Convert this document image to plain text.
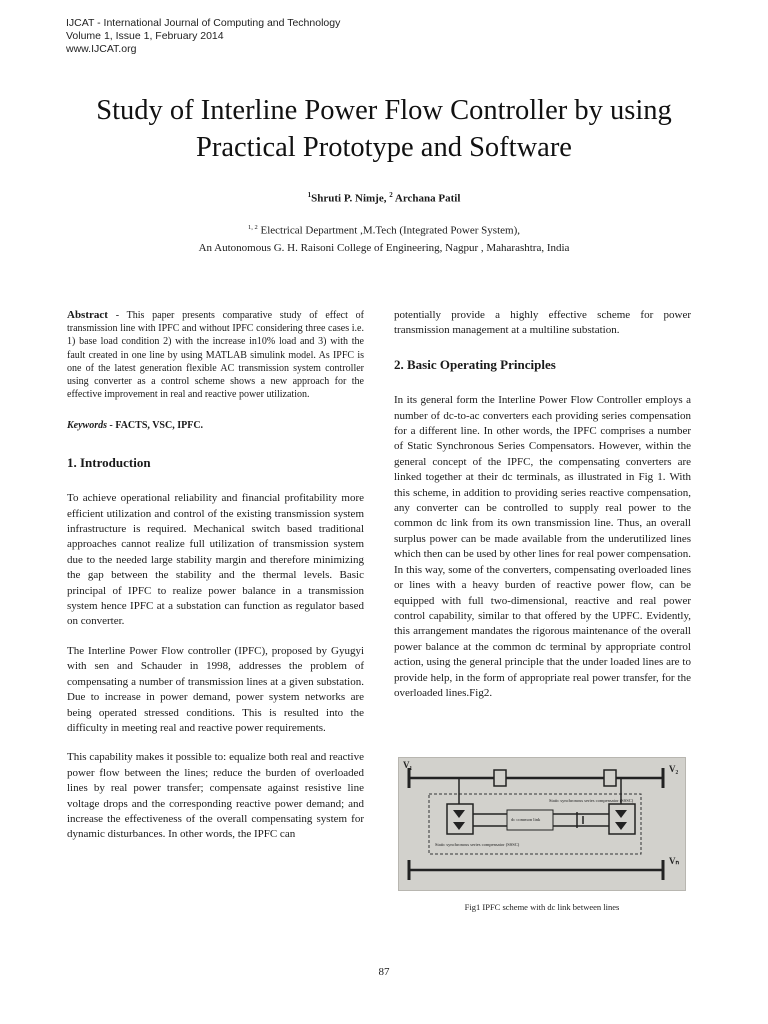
IJCAT - International Journal of Computing and Technology
Volume 1, Issue 1, February 2014
www.IJCAT.org
Study of Interline Power Flow Controller by using
Practical Prototype and Software
$^1$Shruti P. Nimje, $^2$ Archana Patil
$^{1, 2}$ Electrical Department ,M.Tech (Integrated Power System),
An Autonomous G. H. Raisoni College of Engineering, Nagpur , Maharashtra, India

Abstract - This paper presents comparative study of effect of transmission line with IPFC and without IPFC considering three cases i.e. 1) base load condition 2) with the increase in10% load and 3) with the fault created in one line by using MATLAB simulink model. As IPFC is one of the latest generation flexible AC transmission system controller using converter as a control scheme shows a new approach for the effective improvement in real and reactive power utilization.

Keywords - FACTS, VSC, IPFC.

1. Introduction

To achieve operational reliability and financial profitability more efficient utilization and control of the existing transmission system infrastructure is required. Mechanical switch based traditional approaches cannot realize full utilization of transmission system due to the needed large stability margin and therefore minimizing the gap between the stability and the thermal levels. Basic principal of IPFC to realize power balance in a transmission system hence IPFC at a substation can function as regulator based on converter.

The Interline Power Flow controller (IPFC), proposed by Gyugyi with sen and Schauder in 1998, addresses the problem of compensating a number of transmission lines at a given substation. Due to increase in power demand, power system networks are being operated stressed conditions. This is resulted into the difficulty in meeting real and reactive power requirements.

This capability makes it possible to: equalize both real and reactive power flow between the lines; reduce the burden of overloaded lines by real power transfer; compensate against resistive line voltage drops and the corresponding reactive power demand; and increase the effectiveness of the overall compensating system for dynamic disturbances. In other words, the IPFC can

potentially provide a highly effective scheme for power transmission management at a multiline substation.

2. Basic Operating Principles

In its general form the Interline Power Flow Controller employs a number of dc-to-ac converters each providing series compensation for a different line. In other words, the IPFC comprises a number of Static Synchronous Series Compensators. However, within the general concept of the IPFC, the compensating converters are linked together at their dc terminals, as illustrated in Fig 1. With this scheme, in addition to providing series reactive compensation, any converter can be controlled to supply real power to the common dc link from its own transmission line. Thus, an overall surplus power can be made available from the underutilized lines which then can be used by other lines for real power compensation. In this way, some of the converters, compensating overloaded lines or lines with a heavy burden of reactive power flow, can be equipped with full two-dimensional, reactive and real power control capability, similar to that offered by the UPFC. Evidently, this arrangement mandates the rigorous maintenance of the overall power balance at the common dc terminal by appropriate control action, using the general principle that the under loaded lines are to provide help, in the form of appropriate real power transfer, for the overloaded lines.Fig2.

V₁	V₂
Vₙ
Static synchronous series compensator (SSSC)
dc common link
Static synchronous series compensator (SSSC)
Fig1 IPFC scheme with dc link between lines
87
